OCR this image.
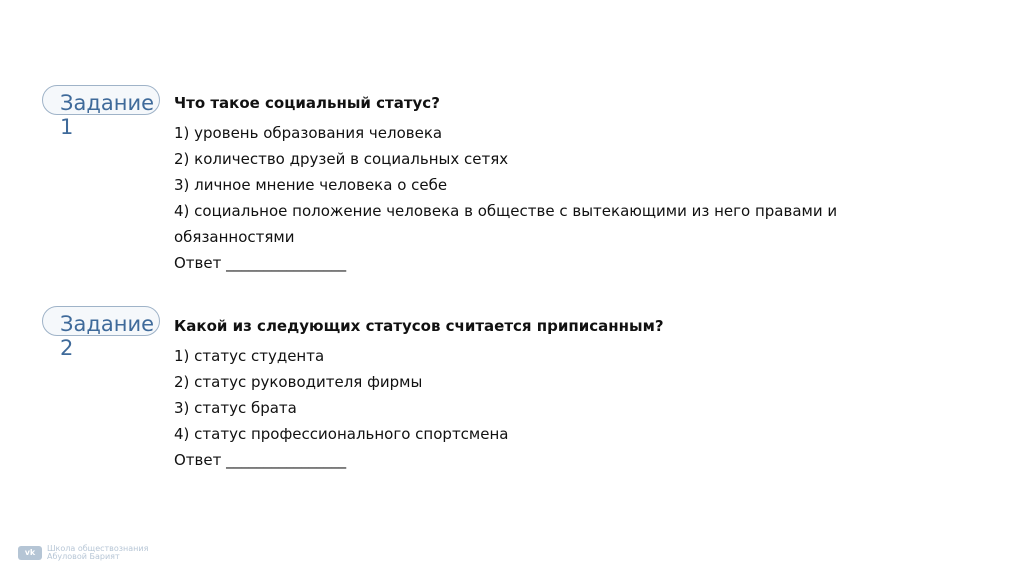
Задание 1
Что такое социальный статус?
1) уровень образования человека
2) количество друзей в социальных сетях
3) личное мнение человека о себе
4) социальное положение человека в обществе с вытекающими из него правами и обязанностями
Ответ ________________
Задание 2
Какой из следующих статусов считается приписанным?
1) статус студента
2) статус руководителя фирмы
3) статус брата
4) статус профессионального спортсмена
Ответ ________________
vk	Школа обществознания
Абуловой Барият
